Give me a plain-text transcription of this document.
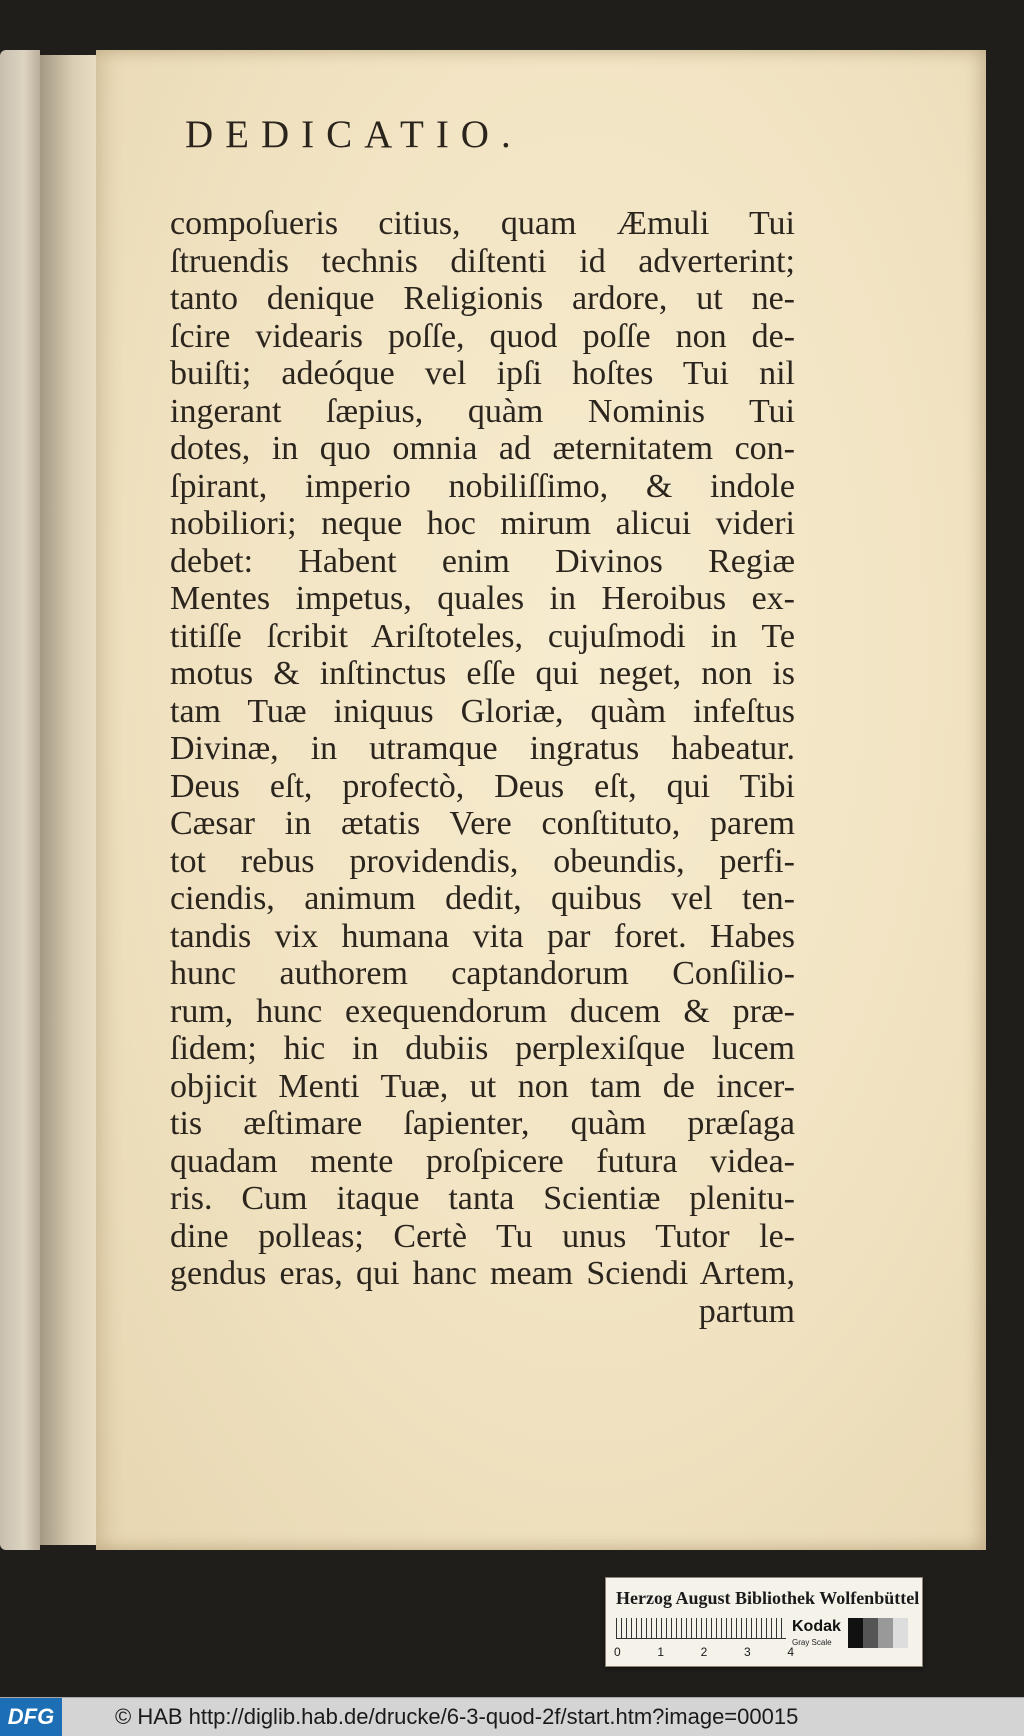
DEDICATIO.
compoſueris citius, quam Æmuli Tui
ſtruendis technis diſtenti id adverterint;
tanto denique Religionis ardore, ut ne-
ſcire videaris poſſe, quod poſſe non de-
buiſti; adeóque vel ipſi hoſtes Tui nil
ingerant ſæpius, quàm Nominis Tui
dotes, in quo omnia ad æternitatem con-
ſpirant, imperio nobiliſſimo, & indole
nobiliori; neque hoc mirum alicui videri
debet: Habent enim Divinos Regiæ
Mentes impetus, quales in Heroibus ex-
titiſſe ſcribit Ariſtoteles, cujuſmodi in Te
motus & inſtinctus eſſe qui neget, non is
tam Tuæ iniquus Gloriæ, quàm infeſtus
Divinæ, in utramque ingratus habeatur.
Deus eſt, profectò, Deus eſt, qui Tibi
Cæsar in ætatis Vere conſtituto, parem
tot rebus providendis, obeundis, perfi-
ciendis, animum dedit, quibus vel ten-
tandis vix humana vita par foret. Habes
hunc authorem captandorum Conſilio-
rum, hunc exequendorum ducem & præ-
ſidem; hic in dubiis perplexiſque lucem
objicit Menti Tuæ, ut non tam de incer-
tis æſtimare ſapienter, quàm præſaga
quadam mente proſpicere futura videa-
ris. Cum itaque tanta Scientiæ plenitu-
dine polleas; Certè Tu unus Tutor le-
gendus eras, qui hanc meam Sciendi Artem,
partum
Herzog August Bibliothek Wolfenbüttel
0	1	2	3	4
Kodak
Gray Scale
DFG	© HAB http://diglib.hab.de/drucke/6-3-quod-2f/start.htm?image=00015
